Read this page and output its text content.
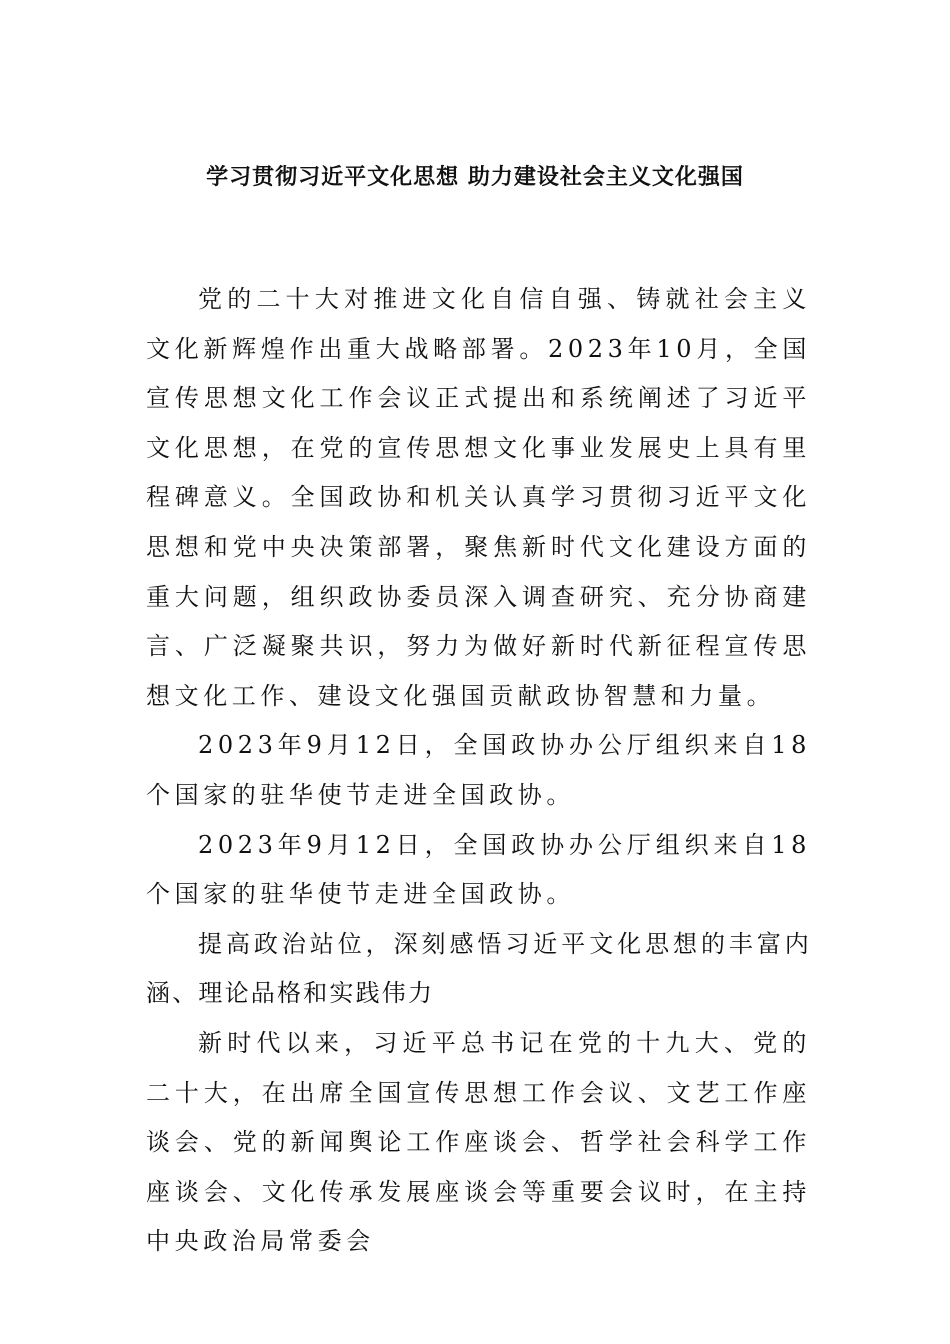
学习贯彻习近平文化思想 助力建设社会主义文化强国

党的二十大对推进文化自信自强、铸就社会主义文化新辉煌作出重大战略部署。2023年10月，全国宣传思想文化工作会议正式提出和系统阐述了习近平文化思想，在党的宣传思想文化事业发展史上具有里程碑意义。全国政协和机关认真学习贯彻习近平文化思想和党中央决策部署，聚焦新时代文化建设方面的重大问题，组织政协委员深入调查研究、充分协商建言、广泛凝聚共识，努力为做好新时代新征程宣传思想文化工作、建设文化强国贡献政协智慧和力量。

2023年9月12日，全国政协办公厅组织来自18个国家的驻华使节走进全国政协。

2023年9月12日，全国政协办公厅组织来自18个国家的驻华使节走进全国政协。

提高政治站位，深刻感悟习近平文化思想的丰富内涵、理论品格和实践伟力

新时代以来，习近平总书记在党的十九大、党的二十大，在出席全国宣传思想工作会议、文艺工作座谈会、党的新闻舆论工作座谈会、哲学社会科学工作座谈会、文化传承发展座谈会等重要会议时，在主持中央政治局常委会
